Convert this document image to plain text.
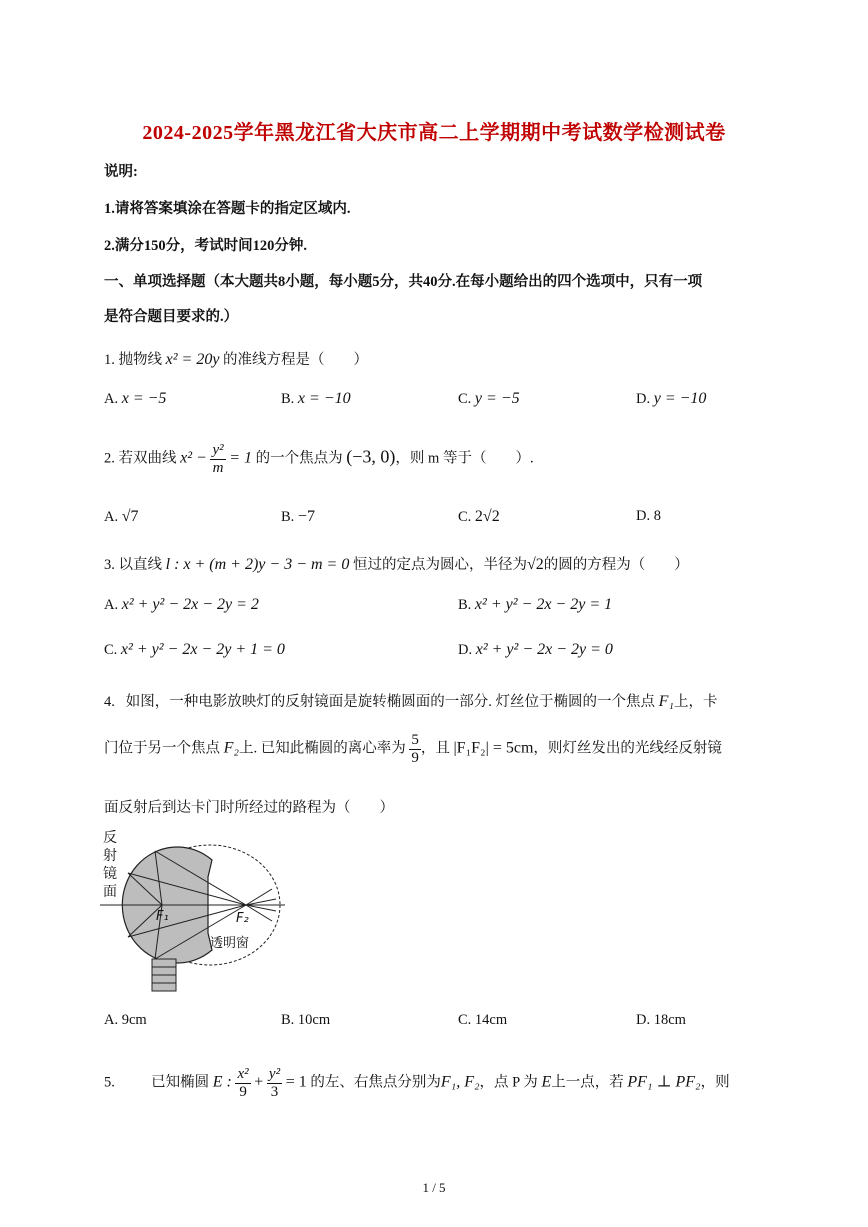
2024-2025学年黑龙江省大庆市高二上学期期中考试数学检测试卷
说明:
1.请将答案填涂在答题卡的指定区域内.
2.满分150分，考试时间120分钟.
一、单项选择题（本大题共8小题，每小题5分，共40分.在每小题给出的四个选项中，只有一项
是符合题目要求的.）
1. 抛物线 x² = 20y 的准线方程是（　　）
A. x = −5	B. x = −10	C. y = −5	D. y = −10
2. 若双曲线 $x^2 - \frac{\text{y²}}{m} = 1$ 的一个焦点为 (−3, 0)，则 m 等于（　　）.
A. √7	B. −7	C. 2√2	D. 8
3. 以直线 l : x + (m + 2)y − 3 − m = 0 恒过的定点为圆心，半径为√2的圆的方程为（　　）
A. x² + y² − 2x − 2y = 2	B. x² + y² − 2x − 2y = 1
C. x² + y² − 2x − 2y + 1 = 0	D. x² + y² − 2x − 2y = 0
4. 如图，一种电影放映灯的反射镜面是旋转椭圆面的一部分. 灯丝位于椭圆的一个焦点 F₁上，卡
门位于另一个焦点 F₂上. 已知此椭圆的离心率为 $\frac{5}{9}$ ，且 |F₁F₂| = 5cm，则灯丝发出的光线经反射镜
面反射后到达卡门时所经过的路程为（　　）
反
射
镜
面
F₁	F₂
透明窗
A. 9cm	B. 10cm	C. 14cm	D. 18cm
5.	已知椭圆 E : $\frac{\text{x²}}{9} + \frac{\text{y²}}{3} = 1$ 的左、右焦点分别为F₁, F₂，点 P 为 E上一点，若 PF₁ ⊥ PF₂，则
1 / 5
